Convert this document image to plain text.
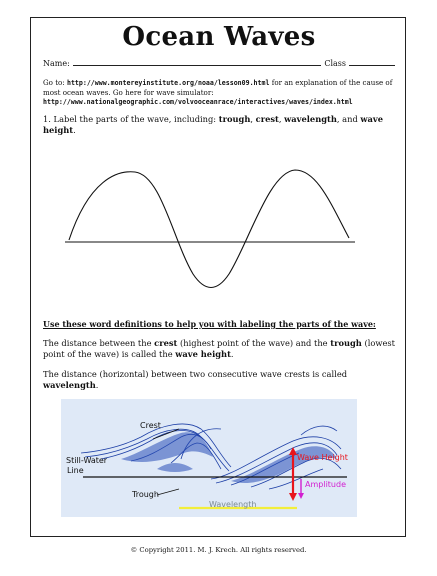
Ocean Waves
Name:	Class
Go to: http://www.montereyinstitute.org/noaa/lesson09.html for an explanation of the cause of most ocean waves. Go here for wave simulator: http://www.nationalgeographic.com/volvooceanrace/interactives/waves/index.html
1. Label the parts of the wave, including: trough, crest, wavelength, and wave height.
Use these word definitions to help you with labeling the parts of the wave:
The distance between the crest (highest point of the wave) and the trough (lowest point of the wave) is called the wave height.
The distance (horizontal) between two consecutive wave crests is called wavelength.
Crest
Still-Water
Line
Trough
Wavelength
Wave Height
Amplitude
© Copyright 2011. M. J. Krech. All rights reserved.
